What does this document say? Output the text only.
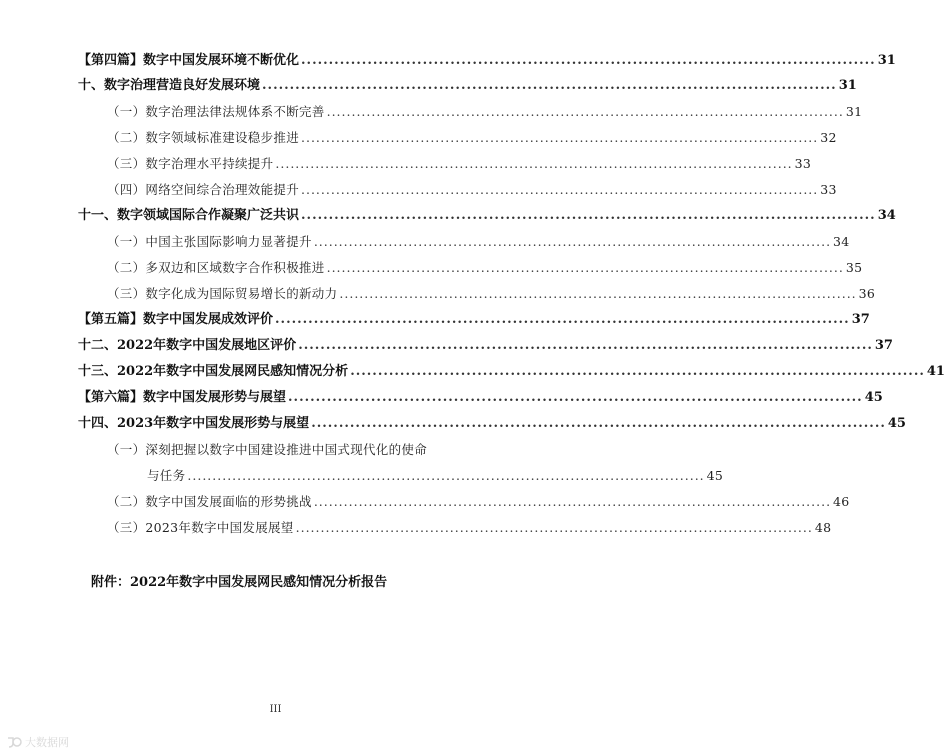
【第四篇】数字中国发展环境不断优化 ........................................................................................................ 31
十、数字治理营造良好发展环境 ........................................................................................................ 31
（一）数字治理法律法规体系不断完善 ........................................................................................................ 31
（二）数字领域标准建设稳步推进 ........................................................................................................ 32
（三）数字治理水平持续提升 ........................................................................................................ 33
（四）网络空间综合治理效能提升 ........................................................................................................ 33
十一、数字领域国际合作凝聚广泛共识 ........................................................................................................ 34
（一）中国主张国际影响力显著提升 ........................................................................................................ 34
（二）多双边和区域数字合作积极推进 ........................................................................................................ 35
（三）数字化成为国际贸易增长的新动力 ........................................................................................................ 36
【第五篇】数字中国发展成效评价 ........................................................................................................ 37
十二、2022年数字中国发展地区评价 ........................................................................................................ 37
十三、2022年数字中国发展网民感知情况分析 ........................................................................................................ 41
【第六篇】数字中国发展形势与展望 ........................................................................................................ 45
十四、2023年数字中国发展形势与展望 ........................................................................................................ 45
（一）深刻把握以数字中国建设推进中国式现代化的使命
与任务 ........................................................................................................ 45
（二）数字中国发展面临的形势挑战 ........................................................................................................ 46
（三）2023年数字中国发展展望 ........................................................................................................ 48
附件：2022年数字中国发展网民感知情况分析报告
III
大数据网
